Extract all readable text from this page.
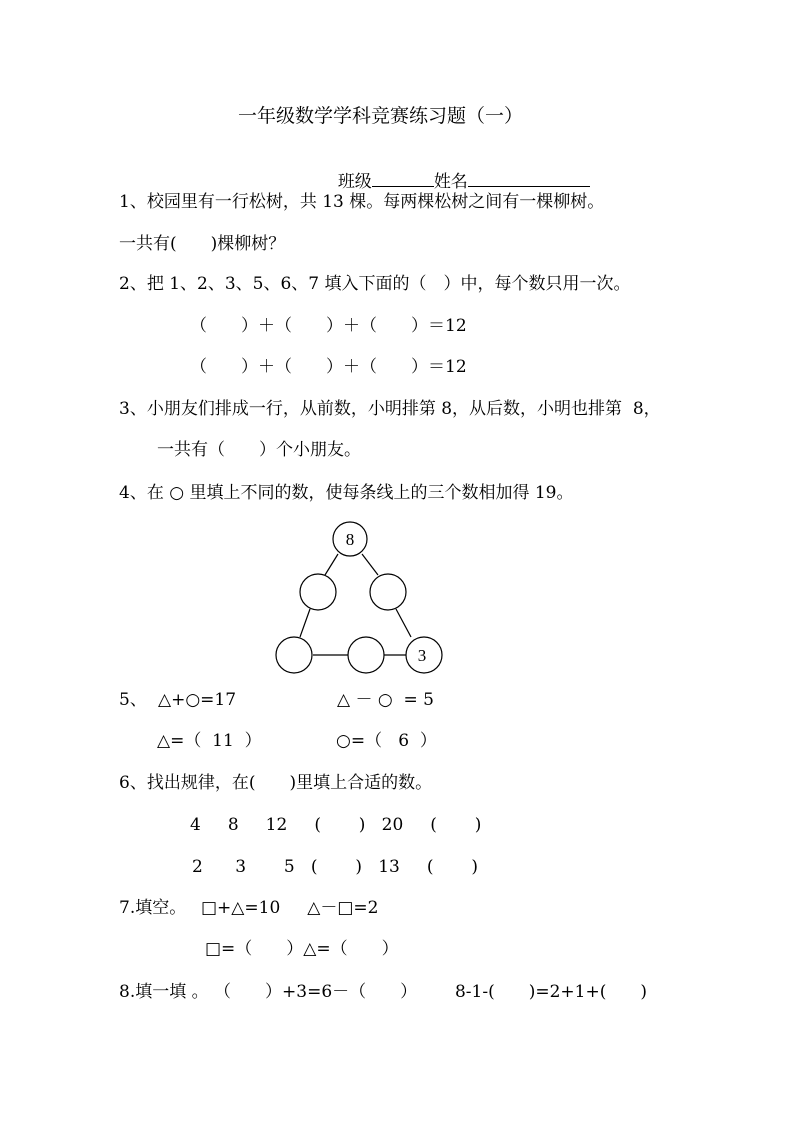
一年级数学学科竞赛练习题（一）

班级	姓名

1、校园里有一行松树，共 13 棵。每两棵松树之间有一棵柳树。
一共有(　　)棵柳树？
2、把 1、2、3、5、6、7 填入下面的（　）中，每个数只用一次。
（　　）＋（　　）＋（　　）＝12
（　　）＋（　　）＋（　　）＝12
3、小朋友们排成一行，从前数，小明排第 8，从后数，小明也排第  8，
一共有（　　）个小朋友。
4、在 ○ 里填上不同的数，使每条线上的三个数相加得 19。
8
3
5、 △+○=17	△ － ○  = 5
△=（  11  ）	○=（   6  ）
6、找出规律，在(　　)里填上合适的数。
4     8     12     (       )   20     (       )
2      3       5   (       )   13     (       )
7.填空。 □+△=10     △－□=2
□=（　　）△=（　　）
8.填一填 。 （　　）+3=6－（　　）       8-1-(　　)=2+1+(　　)
